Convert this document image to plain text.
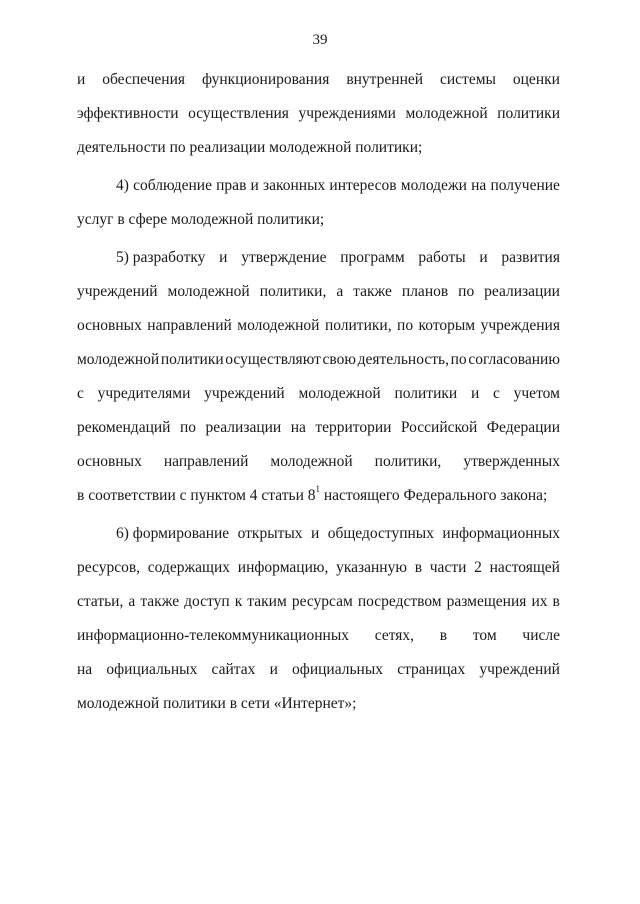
39
и обеспечения функционирования внутренней системы оценки
эффективности осуществления учреждениями молодежной политики
деятельности по реализации молодежной политики;
4) соблюдение прав и законных интересов молодежи на получение
услуг в сфере молодежной политики;
5) разработку и утверждение программ работы и развития
учреждений молодежной политики, а также планов по реализации
основных направлений молодежной политики, по которым учреждения
молодежной политики осуществляют свою деятельность, по согласованию
с учредителями учреждений молодежной политики и с учетом
рекомендаций по реализации на территории Российской Федерации
основных направлений молодежной политики, утвержденных
в соответствии с пунктом 4 статьи $8^1$ настоящего Федерального закона;
6) формирование открытых и общедоступных информационных
ресурсов, содержащих информацию, указанную в части 2 настоящей
статьи, а также доступ к таким ресурсам посредством размещения их в
информационно-телекоммуникационных сетях, в том числе
на официальных сайтах и официальных страницах учреждений
молодежной политики в сети «Интернет»;
